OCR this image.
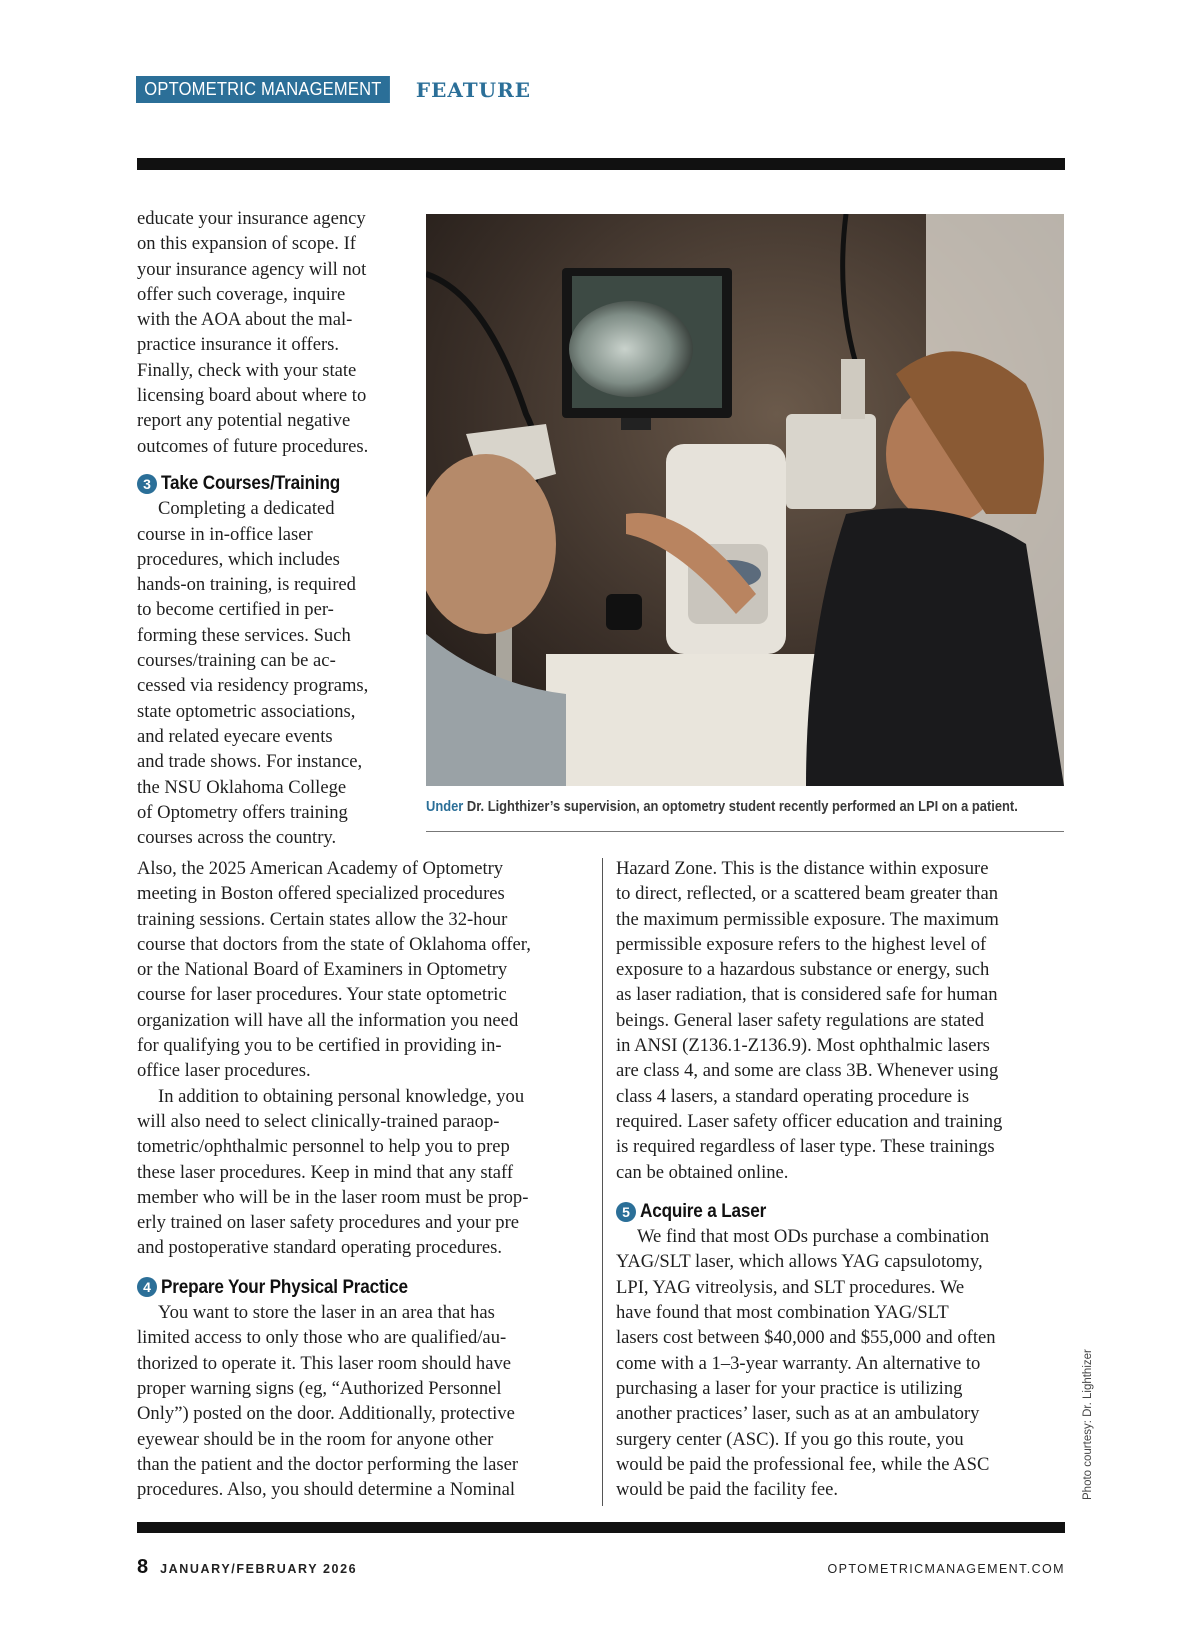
OPTOMETRIC MANAGEMENT	FEATURE
educate your insurance agency
on this expansion of scope. If
your insurance agency will not
offer such coverage, inquire
with the AOA about the mal-
practice insurance it offers.
Finally, check with your state
licensing board about where to
report any potential negative
outcomes of future procedures.
3 Take Courses/Training
Completing a dedicated
course in in-office laser
procedures, which includes
hands-on training, is required
to become certified in per-
forming these services. Such
courses/training can be ac-
cessed via residency programs,
state optometric associations,
and related eyecare events
and trade shows. For instance,
the NSU Oklahoma College
of Optometry offers training
courses across the country.
Under Dr. Lighthizer’s supervision, an optometry student recently performed an LPI on a patient.
Also, the 2025 American Academy of Optometry
meeting in Boston offered specialized procedures
training sessions. Certain states allow the 32-hour
course that doctors from the state of Oklahoma offer,
or the National Board of Examiners in Optometry
course for laser procedures. Your state optometric
organization will have all the information you need
for qualifying you to be certified in providing in-
office laser procedures.
In addition to obtaining personal knowledge, you
will also need to select clinically-trained paraop-
tometric/ophthalmic personnel to help you to prep
these laser procedures. Keep in mind that any staff
member who will be in the laser room must be prop-
erly trained on laser safety procedures and your pre
and postoperative standard operating procedures.
4 Prepare Your Physical Practice
You want to store the laser in an area that has
limited access to only those who are qualified/au-
thorized to operate it. This laser room should have
proper warning signs (eg, “Authorized Personnel
Only”) posted on the door. Additionally, protective
eyewear should be in the room for anyone other
than the patient and the doctor performing the laser
procedures. Also, you should determine a Nominal
Hazard Zone. This is the distance within exposure
to direct, reflected, or a scattered beam greater than
the maximum permissible exposure. The maximum
permissible exposure refers to the highest level of
exposure to a hazardous substance or energy, such
as laser radiation, that is considered safe for human
beings. General laser safety regulations are stated
in ANSI (Z136.1-Z136.9). Most ophthalmic lasers
are class 4, and some are class 3B. Whenever using
class 4 lasers, a standard operating procedure is
required. Laser safety officer education and training
is required regardless of laser type. These trainings
can be obtained online.
5 Acquire a Laser
We find that most ODs purchase a combination
YAG/SLT laser, which allows YAG capsulotomy,
LPI, YAG vitreolysis, and SLT procedures. We
have found that most combination YAG/SLT
lasers cost between $40,000 and $55,000 and often
come with a 1–3-year warranty. An alternative to
purchasing a laser for your practice is utilizing
another practices’ laser, such as at an ambulatory
surgery center (ASC). If you go this route, you
would be paid the professional fee, while the ASC
would be paid the facility fee.	Photo courtesy: Dr. Lighthizer
8 JANUARY/FEBRUARY 2026	OPTOMETRICMANAGEMENT.COM
